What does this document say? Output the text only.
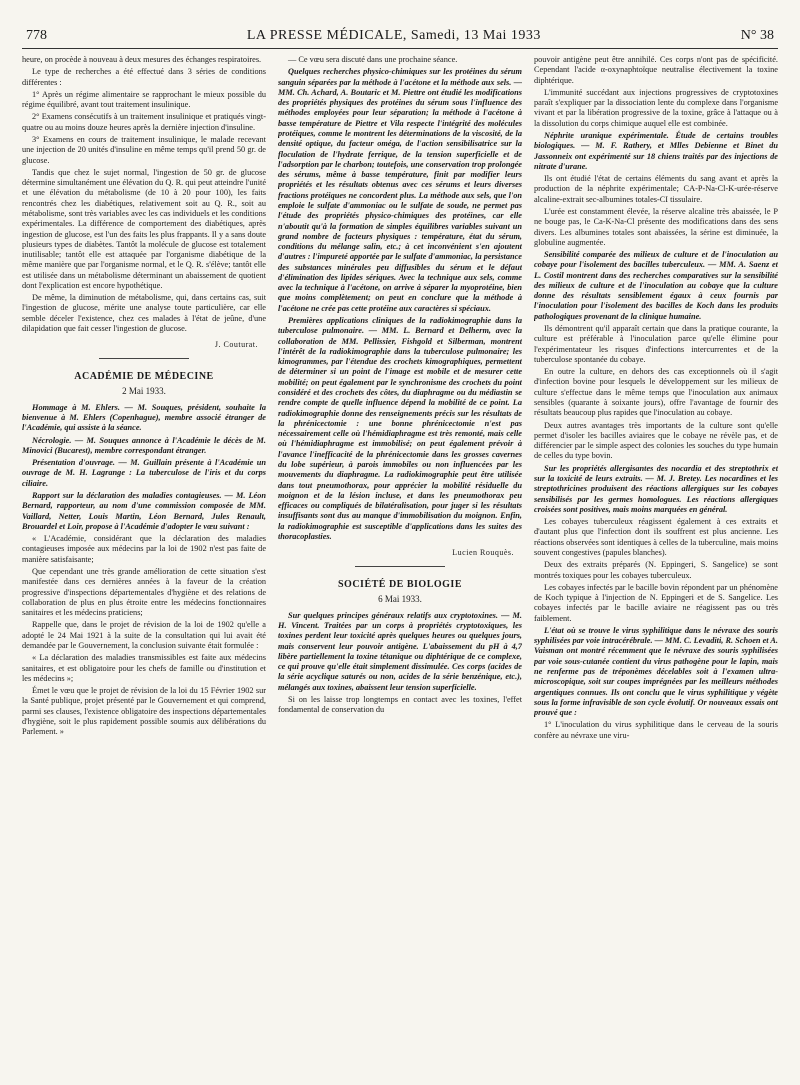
778	LA PRESSE MÉDICALE, Samedi, 13 Mai 1933	N° 38

heure, on procède à nouveau à deux mesures des échanges respiratoires.

Le type de recherches a été effectué dans 3 séries de conditions différentes :

1° Après un régime alimentaire se rapprochant le mieux possible du régime équilibré, avant tout traitement insulinique.

2° Examens consécutifs à un traitement insulinique et pratiqués vingt-quatre ou au moins douze heures après la dernière injection d'insuline.

3° Examens en cours de traitement insulinique, le malade recevant une injection de 20 unités d'insuline en même temps qu'il prend 50 gr. de glucose.

Tandis que chez le sujet normal, l'ingestion de 50 gr. de glucose détermine simultanément une élévation du Q. R. qui peut atteindre l'unité et une élévation du métabolisme (de 10 à 20 pour 100), les faits rencontrés chez les diabétiques, relativement soit au Q. R., soit au métabolisme, sont très variables avec les cas individuels et les conditions expérimentales. La différence de comportement des diabétiques, après ingestion de glucose, est l'un des faits les plus frappants. Il y a sans doute plusieurs types de diabètes. Tantôt la molécule de glucose est totalement inutilisable; tantôt elle est attaquée par l'organisme diabétique de la même manière que par l'organisme normal, et le Q. R. s'élève; tantôt elle est utilisée dans un métabolisme déterminant un abaissement de quotient dont l'explication est encore hypothétique.

De même, la diminution de métabolisme, qui, dans certains cas, suit l'ingestion de glucose, mérite une analyse toute particulière, car elle semble déceler l'existence, chez ces malades à l'état de jeûne, d'une dilapidation que fait cesser l'ingestion de glucose.

J. Couturat.
ACADÉMIE DE MÉDECINE
2 Mai 1933.

Hommage à M. Ehlers. — M. Souques, président, souhaite la bienvenue à M. Ehlers (Copenhague), membre associé étranger de l'Académie, qui assiste à la séance.

Nécrologie. — M. Souques annonce à l'Académie le décès de M. Minovici (Bucarest), membre correspondant étranger.

Présentation d'ouvrage. — M. Guillain présente à l'Académie un ouvrage de M. H. Lagrange : La tuberculose de l'iris et du corps ciliaire.

Rapport sur la déclaration des maladies contagieuses. — M. Léon Bernard, rapporteur, au nom d'une commission composée de MM. Vaillard, Netter, Louis Martin, Léon Bernard, Jules Renault, Brouardel et Loir, propose à l'Académie d'adopter le vœu suivant :

« L'Académie, considérant que la déclaration des maladies contagieuses imposée aux médecins par la loi de 1902 n'est pas faite de manière satisfaisante;

Que cependant une très grande amélioration de cette situation s'est manifestée dans ces dernières années à la faveur de la création progressive d'inspections départementales d'hygiène et des relations de collaboration de plus en plus étroite entre les médecins fonctionnaires sanitaires et les médecins praticiens;

Rappelle que, dans le projet de révision de la loi de 1902 qu'elle a adopté le 24 Mai 1921 à la suite de la consultation qui lui avait été demandée par le Gouvernement, la conclusion suivante était formulée :

« La déclaration des maladies transmissibles est faite aux médecins sanitaires, et est obligatoire pour les chefs de famille ou d'institution et les médecins »;

Émet le vœu que le projet de révision de la loi du 15 Février 1902 sur la Santé publique, projet présenté par le Gouvernement et qui comprend, parmi ses clauses, l'existence obligatoire des inspections départementales d'hygiène, soit le plus rapidement possible soumis aux délibérations du Parlement. »

— Ce vœu sera discuté dans une prochaine séance.

Quelques recherches physico-chimiques sur les protéines du sérum sanguin séparées par la méthode à l'acétone et la méthode aux sels. — MM. Ch. Achard, A. Boutaric et M. Piettre ont étudié les modifications des propriétés physiques des protéines du sérum sous l'influence des méthodes employées pour leur séparation; la méthode à l'acétone à basse température de Piettre et Vila respecte l'intégrité des molécules protéiques, comme le montrent les déterminations de la viscosité, de la densité optique, du facteur oméga, de l'action sensibilisatrice sur la floculation de l'hydrate ferrique, de la tension superficielle et de l'adsorption par le charbon; toutefois, une conservation trop prolongée des sérums, même à basse température, finit par modifier leurs propriétés et les résultats obtenus avec ces sérums et leurs diverses fractions protéiques ne concordent plus. La méthode aux sels, que l'on emploie le sulfate d'ammoniac ou le sulfate de soude, ne permet pas l'étude des propriétés physico-chimiques des protéines, car elle n'aboutit qu'à la formation de simples équilibres variables suivant un grand nombre de facteurs physiques : température, état du sérum, conditions du mélange salin, etc.; à cet inconvénient s'en ajoutent d'autres : l'impureté apportée par le sulfate d'ammoniac, la persistance des substances minérales peu diffusibles du sérum et le défaut d'élimination des lipides sériques. Avec la technique aux sels, comme avec la technique à l'acétone, on arrive à séparer la myoprotéine, bien que moins complètement; on peut en conclure que la méthode à l'acétone ne crée pas cette protéine aux caractères si spéciaux.

Premières applications cliniques de la radiokimographie dans la tuberculose pulmonaire. — MM. L. Bernard et Delherm, avec la collaboration de MM. Pellissier, Fishgold et Silberman, montrent l'intérêt de la radiokimographie dans la tuberculose pulmonaire; les kimogrammes, par l'étendue des crochets kimographiques, permettent de déterminer si un point de l'image est mobile et de mesurer cette mobilité; on peut également par le synchronisme des crochets du point considéré et des crochets des côtes, du diaphragme ou du médiastin se rendre compte de quelle influence dépend la mobilité de ce point. La radiokimographie donne des renseignements précis sur les résultats de la phrénicectomie : une bonne phrénicectomie n'est pas nécessairement celle où l'hémidiaphragme est très remonté, mais celle où l'hémidiaphragme est immobilisé; on peut également prévoir à l'avance l'inefficacité de la phrénicectomie dans les grosses cavernes du lobe supérieur, à parois immobiles ou non influencées par les mouvements du diaphragme. La radiokimographie peut être utilisée dans tout pneumothorax, pour apprécier la mobilité résiduelle du moignon et de la lésion incluse, et dans les pneumothorax peu efficaces ou compliqués de bilatéralisation, pour juger si les résultats insuffisants sont dus au manque d'immobilisation du moignon. Enfin, la radiokimographie est susceptible d'applications dans les suites des thoracoplasties.

Lucien Rouquès.
SOCIÉTÉ DE BIOLOGIE
6 Mai 1933.

Sur quelques principes généraux relatifs aux cryptotoxines. — M. H. Vincent. Traitées par un corps à propriétés cryptotoxiques, les toxines perdent leur toxicité après quelques heures ou quelques jours, mais conservent leur pouvoir antigène. L'abaissement du pH à 4,7 libère partiellement la toxine tétanique ou diphtérique de ce complexe, ce qui prouve qu'elle était simplement dissimulée. Ces corps (acides de la série acyclique saturés ou non, acides de la série benzénique, etc.), mélangés aux toxines, abaissent leur tension superficielle.

Si on les laisse trop longtemps en contact avec les toxines, l'effet fondamental de conservation du

pouvoir antigène peut être annihilé. Ces corps n'ont pas de spécificité. Cependant l'acide α-oxynaphtoïque neutralise électivement la toxine diphtérique.

L'immunité succédant aux injections progressives de cryptotoxines paraît s'expliquer par la dissociation lente du complexe dans l'organisme vivant et par la libération progressive de la toxine, grâce à l'attaque ou à la dissolution du corps chimique auquel elle est combinée.

Néphrite uranique expérimentale. Étude de certains troubles biologiques. — M. F. Rathery, et Mlles Debienne et Binet du Jassonneix ont expérimenté sur 18 chiens traités par des injections de nitrate d'urane.

Ils ont étudié l'état de certains éléments du sang avant et après la production de la néphrite expérimentale; CA-P-Na-Cl-K-urée-réserve alcaline-extrait sec-albumines totales-CI tissulaire.

L'urée est constamment élevée, la réserve alcaline très abaissée, le P ne bouge pas, le Ca-K-Na-Cl présente des modifications dans des sens divers. Les albumines totales sont abaissées, la sérine est diminuée, la globuline augmentée.

Sensibilité comparée des milieux de culture et de l'inoculation au cobaye pour l'isolement des bacilles tuberculeux. — MM. A. Saenz et L. Costil montrent dans des recherches comparatives sur la sensibilité des milieux de culture et de l'inoculation au cobaye que la culture donne des résultats sensiblement égaux à ceux fournis par l'inoculation pour l'isolement des bacilles de Koch dans les produits pathologiques provenant de la clinique humaine.

Ils démontrent qu'il apparaît certain que dans la pratique courante, la culture est préférable à l'inoculation parce qu'elle élimine pour l'expérimentateur les risques d'infections intercurrentes et de la tuberculose spontanée du cobaye.

En outre la culture, en dehors des cas exceptionnels où il s'agit d'infection bovine pour lesquels le développement sur les milieux de culture s'effectue dans le même temps que l'inoculation aux animaux sensibles (quarante à soixante jours), offre l'avantage de fournir des résultats beaucoup plus rapides que l'inoculation au cobaye.

Deux autres avantages très importants de la culture sont qu'elle permet d'isoler les bacilles aviaires que le cobaye ne révèle pas, et de différencier par le simple aspect des colonies les souches du type humain de celles du type bovin.

Sur les propriétés allergisantes des nocardia et des streptothrix et sur la toxicité de leurs extraits. — M. J. Bretey. Les nocardines et les streptothricines produisent des réactions allergiques sur les cobayes sensibilisés par les germes homologues. Les réactions allergiques croisées sont positives, mais moins marquées en général.

Les cobayes tuberculeux réagissent également à ces extraits et d'autant plus que l'infection dont ils souffrent est plus ancienne. Les réactions observées sont identiques à celles de la tuberculine, mais moins souvent congestives (papules blanches).

Deux des extraits préparés (N. Eppingeri, S. Sangelice) se sont montrés toxiques pour les cobayes tuberculeux.

Les cobayes infectés par le bacille bovin répondent par un phénomène de Koch typique à l'injection de N. Eppingeri et de S. Sangelice. Les cobayes infectés par le bacille aviaire ne réagissent pas ou très faiblement.

L'état où se trouve le virus syphilitique dans le névraxe des souris syphilisées par voie intracérébrale. — MM. C. Levaditi, R. Schoen et A. Vaisman ont montré récemment que le névraxe des souris syphilisées par voie sous-cutanée contient du virus pathogène pour le lapin, mais ne renferme pas de tréponèmes décelables soit à l'examen ultra-microscopique, soit sur coupes imprégnées par les meilleurs méthodes argentiques connues. Ils ont conclu que le virus syphilitique y végète sous la forme infravisible de son cycle évolutif. Or nouveaux essais ont prouvé que :

1° L'inoculation du virus syphilitique dans le cerveau de la souris confère au névraxe une viru-
